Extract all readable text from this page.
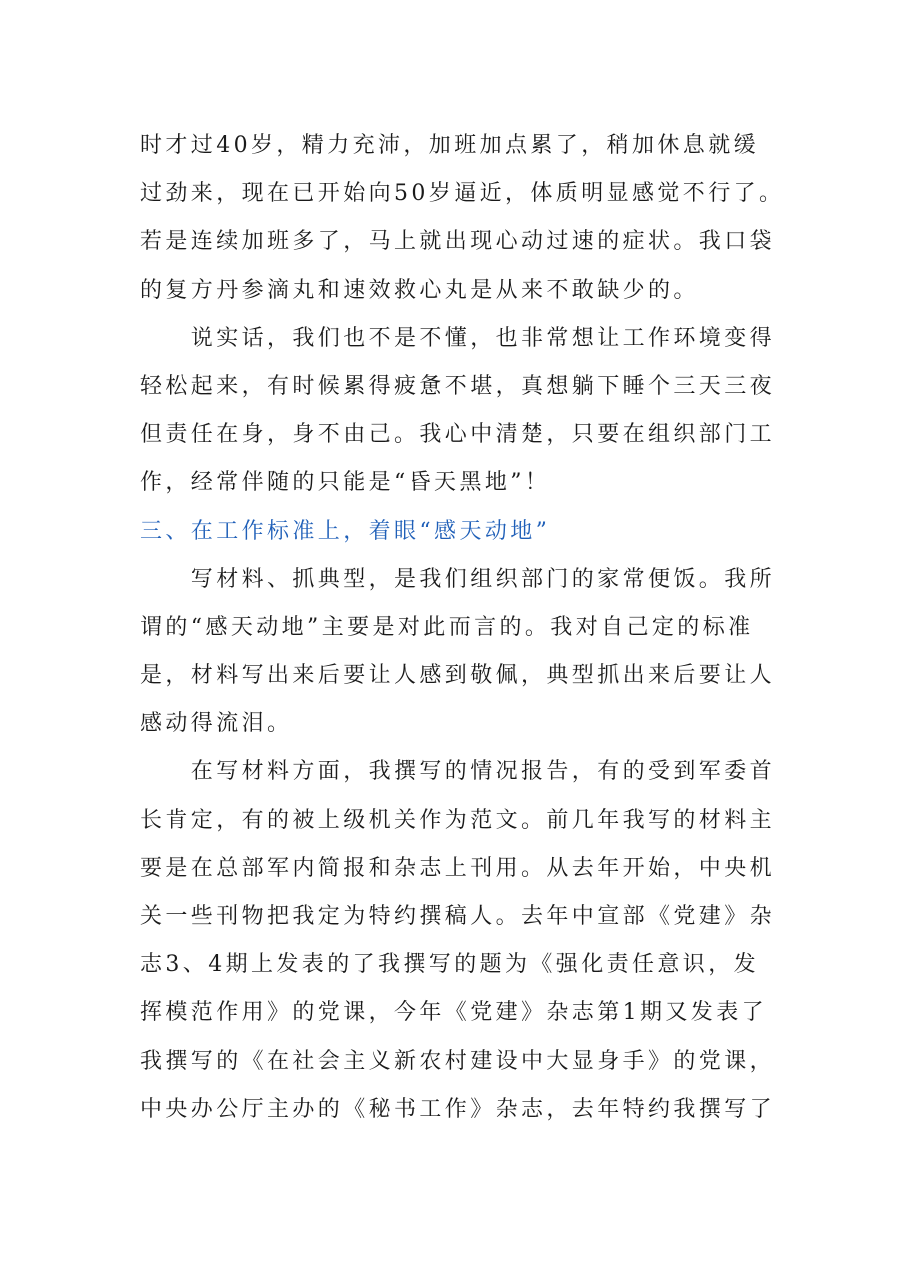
时才过40岁，精力充沛，加班加点累了，稍加休息就缓
过劲来，现在已开始向50岁逼近，体质明显感觉不行了。
若是连续加班多了，马上就出现心动过速的症状。我口袋
的复方丹参滴丸和速效救心丸是从来不敢缺少的。
　　说实话，我们也不是不懂，也非常想让工作环境变得
轻松起来，有时候累得疲惫不堪，真想躺下睡个三天三夜
但责任在身，身不由己。我心中清楚，只要在组织部门工
作，经常伴随的只能是“昏天黑地”！
三、在工作标准上，着眼“感天动地”
　　写材料、抓典型，是我们组织部门的家常便饭。我所
谓的“感天动地”主要是对此而言的。我对自己定的标准
是，材料写出来后要让人感到敬佩，典型抓出来后要让人
感动得流泪。
　　在写材料方面，我撰写的情况报告，有的受到军委首
长肯定，有的被上级机关作为范文。前几年我写的材料主
要是在总部军内简报和杂志上刊用。从去年开始，中央机
关一些刊物把我定为特约撰稿人。去年中宣部《党建》杂
志3、4期上发表的了我撰写的题为《强化责任意识，发
挥模范作用》的党课，今年《党建》杂志第1期又发表了
我撰写的《在社会主义新农村建设中大显身手》的党课，
中央办公厅主办的《秘书工作》杂志，去年特约我撰写了
